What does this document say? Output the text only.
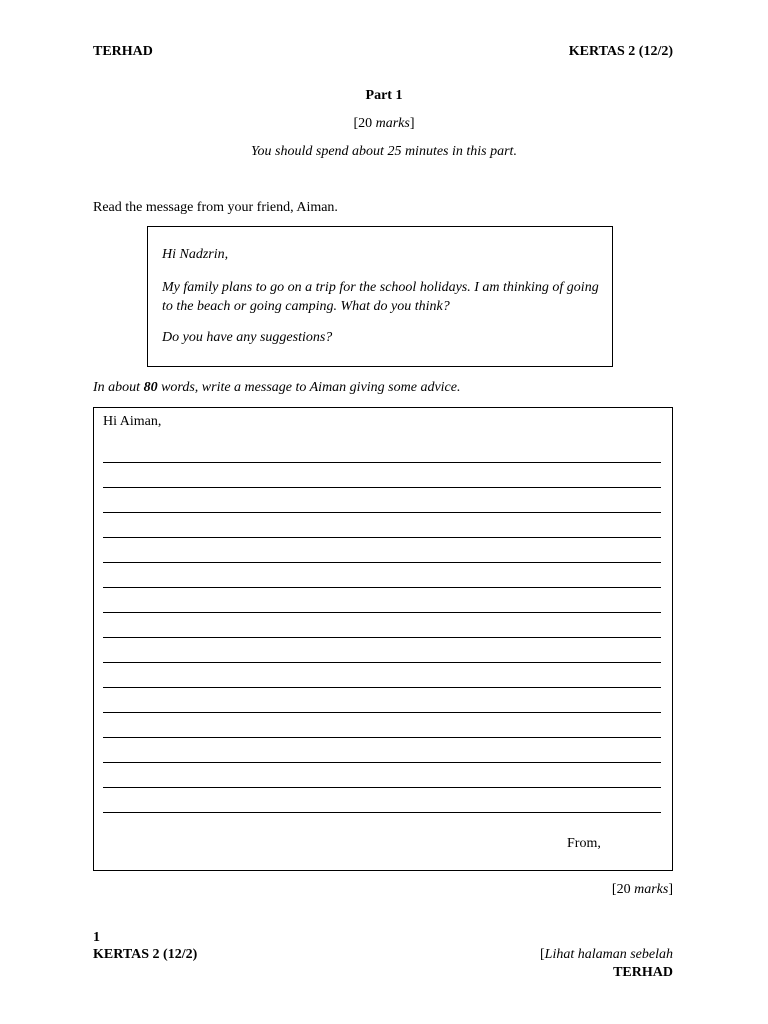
TERHAD	KERTAS 2 (12/2)
Part 1
[20 marks]
You should spend about 25 minutes in this part.
Read the message from your friend, Aiman.
Hi Nadzrin,
My family plans to go on a trip for the school holidays. I am thinking of going to the beach or going camping. What do you think?
Do you have any suggestions?
In about 80 words, write a message to Aiman giving some advice.
Hi Aiman,
From,
[20 marks]
1
KERTAS 2 (12/2)	[Lihat halaman sebelah
TERHAD
